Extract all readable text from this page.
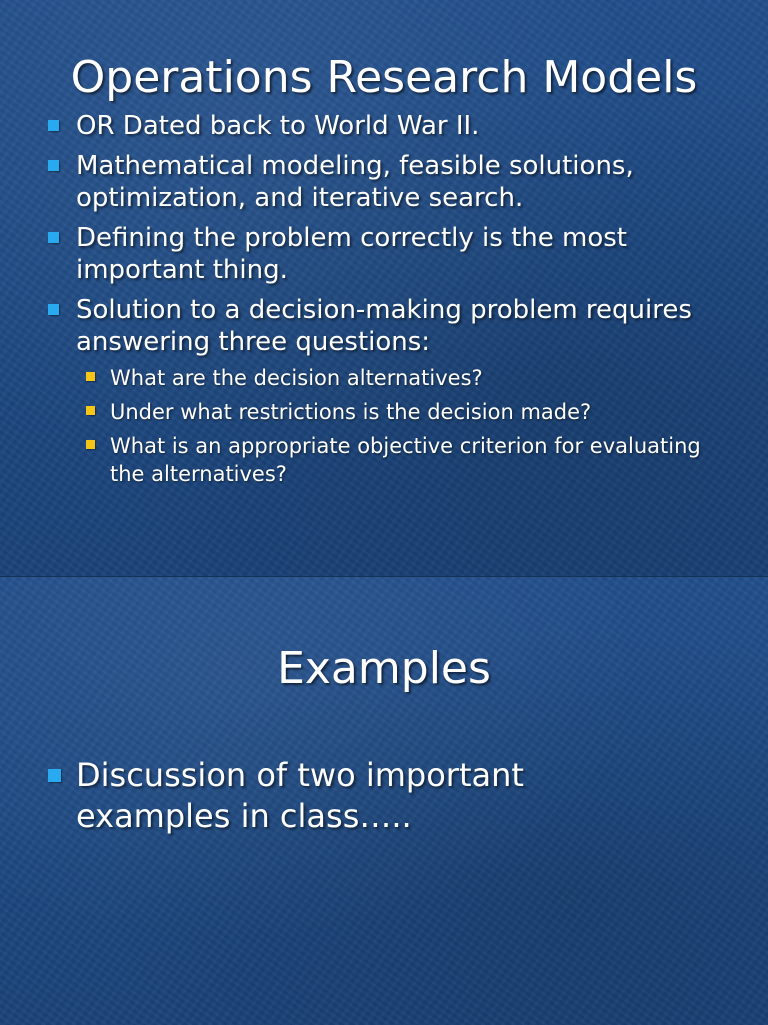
Operations Research Models
OR Dated back to World War II.
Mathematical modeling, feasible solutions, optimization, and iterative search.
Defining the problem correctly is the most important thing.
Solution to a decision-making problem requires answering three questions:
What are the decision alternatives?
Under what restrictions is the decision made?
What is an appropriate objective criterion for evaluating the alternatives?
Examples
Discussion of two important examples in class…..
